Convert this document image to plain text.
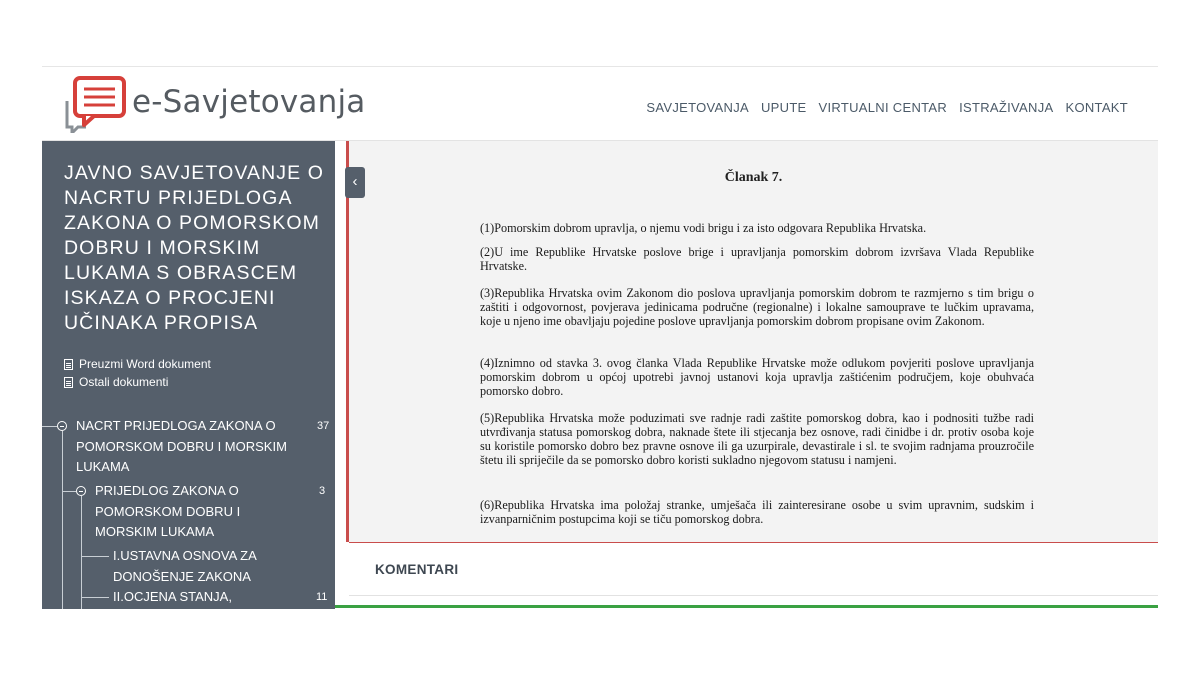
e-Savjetovanja	SAVJETOVANJA UPUTE VIRTUALNI CENTAR ISTRAŽIVANJA KONTAKT
JAVNO SAVJETOVANJE O NACRTU PRIJEDLOGA ZAKONA O POMORSKOM DOBRU I MORSKIM LUKAMA S OBRASCEM ISKAZA O PROCJENI UČINAKA PROPISA
Preuzmi Word dokument
Ostali dokumenti
NACRT PRIJEDLOGA ZAKONA O POMORSKOM DOBRU I MORSKIM LUKAMA
37
PRIJEDLOG ZAKONA O POMORSKOM DOBRU I MORSKIM LUKAMA
3
I.USTAVNA OSNOVA ZA DONOŠENJE ZAKONA
II.OCJENA STANJA,	11
Članak 7.

(1)Pomorskim dobrom upravlja, o njemu vodi brigu i za isto odgovara Republika Hrvatska.

(2)U ime Republike Hrvatske poslove brige i upravljanja pomorskim dobrom izvršava Vlada Republike Hrvatske.

(3)Republika Hrvatska ovim Zakonom dio poslova upravljanja pomorskim dobrom te razmjerno s tim brigu o zaštiti i odgovornost, povjerava jedinicama područne (regionalne) i lokalne samouprave te lučkim upravama, koje u njeno ime obavljaju pojedine poslove upravljanja pomorskim dobrom propisane ovim Zakonom.

(4)Iznimno od stavka 3. ovog članka Vlada Republike Hrvatske može odlukom povjeriti poslove upravljanja pomorskim dobrom u općoj upotrebi javnoj ustanovi koja upravlja zaštićenim područjem, koje obuhvaća pomorsko dobro.

(5)Republika Hrvatska može poduzimati sve radnje radi zaštite pomorskog dobra, kao i podnositi tužbe radi utvrđivanja statusa pomorskog dobra, naknade štete ili stjecanja bez osnove, radi činidbe i dr. protiv osoba koje su koristile pomorsko dobro bez pravne osnove ili ga uzurpirale, devastirale i sl. te svojim radnjama prouzročile štetu ili spriječile da se pomorsko dobro koristi sukladno njegovom statusu i namjeni.

(6)Republika Hrvatska ima položaj stranke, umješača ili zainteresirane osobe u svim upravnim, sudskim i izvanparničnim postupcima koji se tiču pomorskog dobra.

‹
KOMENTARI
